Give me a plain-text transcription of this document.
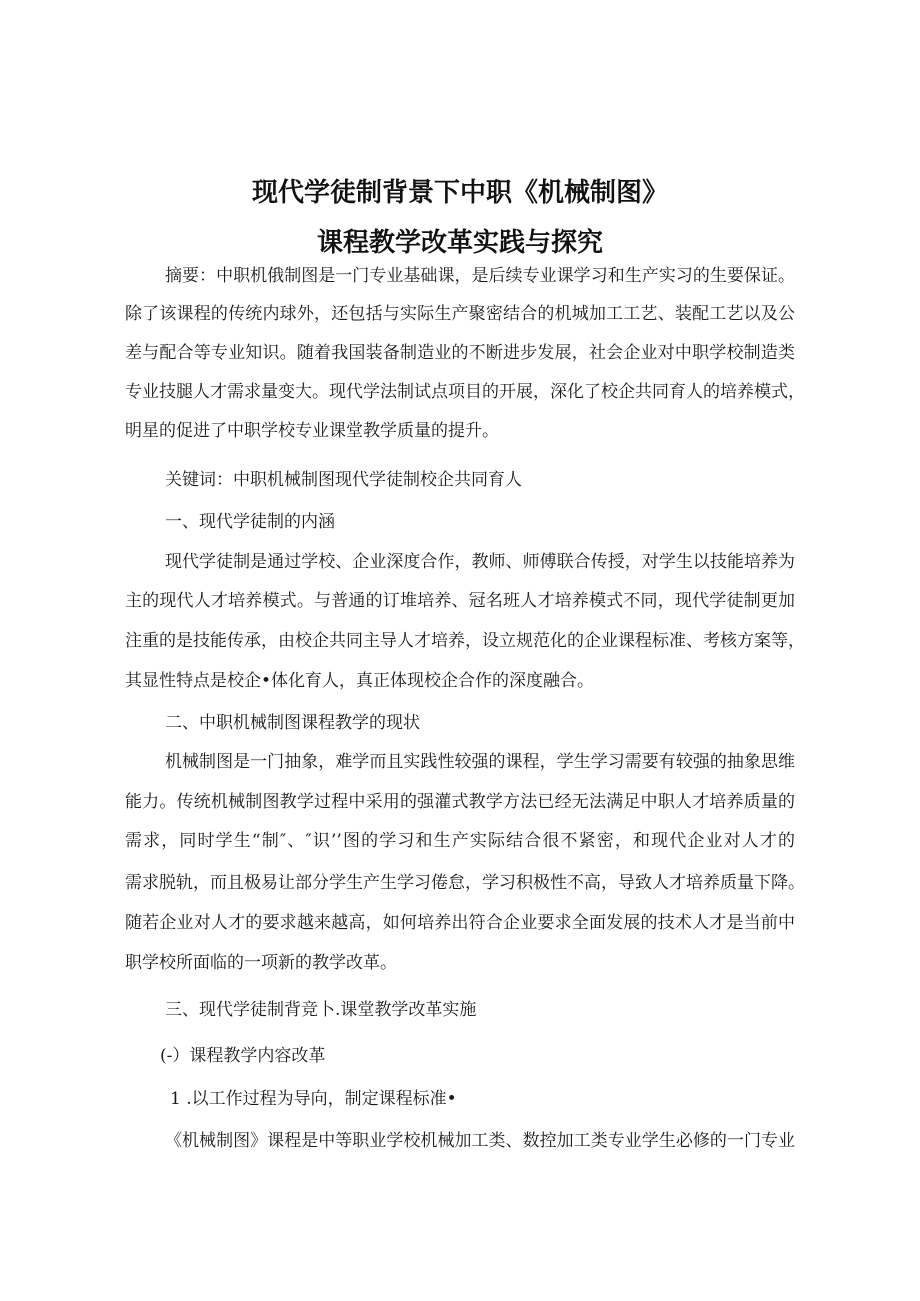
现代学徒制背景下中职《机械制图》
课程教学改革实践与探究
摘要：中职机俄制图是一门专业基础课，是后续专业课学习和生产实习的生要保证。
除了该课程的传统内球外，还包括与实际生产聚密结合的机城加工工艺、装配工艺以及公
差与配合等专业知识。随着我国装备制造业的不断进步发展，社会企业对中职学校制造类
专业技腿人才需求量变大。现代学法制试点项目的开展，深化了校企共同育人的培养模式，
明星的促进了中职学校专业课堂教学质量的提升。
关键词：中职机械制图现代学徒制校企共同育人
一、现代学徒制的内涵
现代学徒制是通过学校、企业深度合作，教师、师傅联合传授，对学生以技能培养为
主的现代人才培养模式。与普通的订堆培养、冠名班人才培养模式不同，现代学徒制更加
注重的是技能传承，由校企共同主导人才培养，设立规范化的企业课程标准、考核方案等，
其显性特点是校企•体化育人，真正体现校企合作的深度融合。
二、中职机械制图课程教学的现状
机械制图是一门抽象，难学而且实践性较强的课程，学生学习需要有较强的抽象思维
能力。传统机械制图教学过程中采用的强灌式教学方法已经无法满足中职人才培养质量的
需求，同时学生“制″、″识’’图的学习和生产实际结合很不紧密，和现代企业对人才的
需求脱轨，而且极易让部分学生产生学习倦怠，学习积极性不高，导致人才培养质量下降。
随若企业对人才的要求越来越高，如何培养出符合企业要求全面发展的技术人才是当前中
职学校所面临的一项新的教学改革。
三、现代学徒制背竞卜.课堂教学改革实施
(-）课程教学内容改革
1 .以工作过程为导向，制定课程标准•
《机械制图》课程是中等职业学校机械加工类、数控加工类专业学生必修的一门专业
